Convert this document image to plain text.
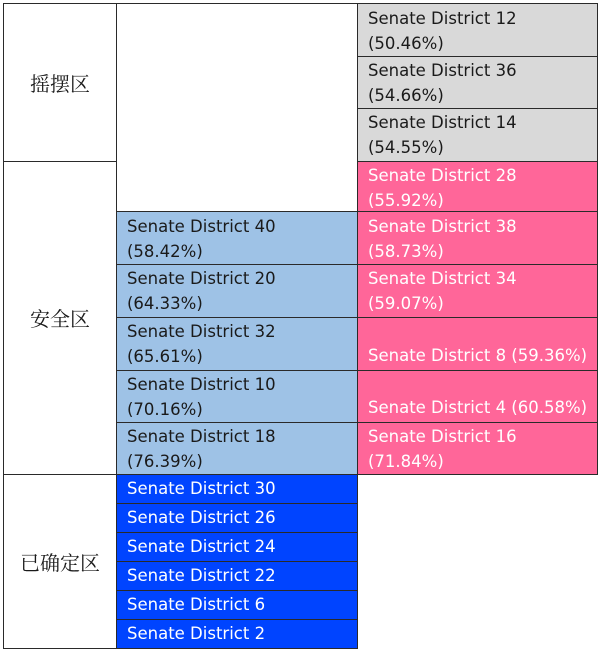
摇摆区
安全区
已确定区
Senate District 12
(50.46%)
Senate District 36
(54.66%)
Senate District 14
(54.55%)
Senate District 28
(55.92%)
Senate District 38
(58.73%)
Senate District 34
(59.07%)
Senate District 8 (59.36%)
Senate District 4 (60.58%)
Senate District 16
(71.84%)
Senate District 40
(58.42%)
Senate District 20
(64.33%)
Senate District 32
(65.61%)
Senate District 10
(70.16%)
Senate District 18
(76.39%)
Senate District 30
Senate District 26
Senate District 24
Senate District 22
Senate District 6
Senate District 2
